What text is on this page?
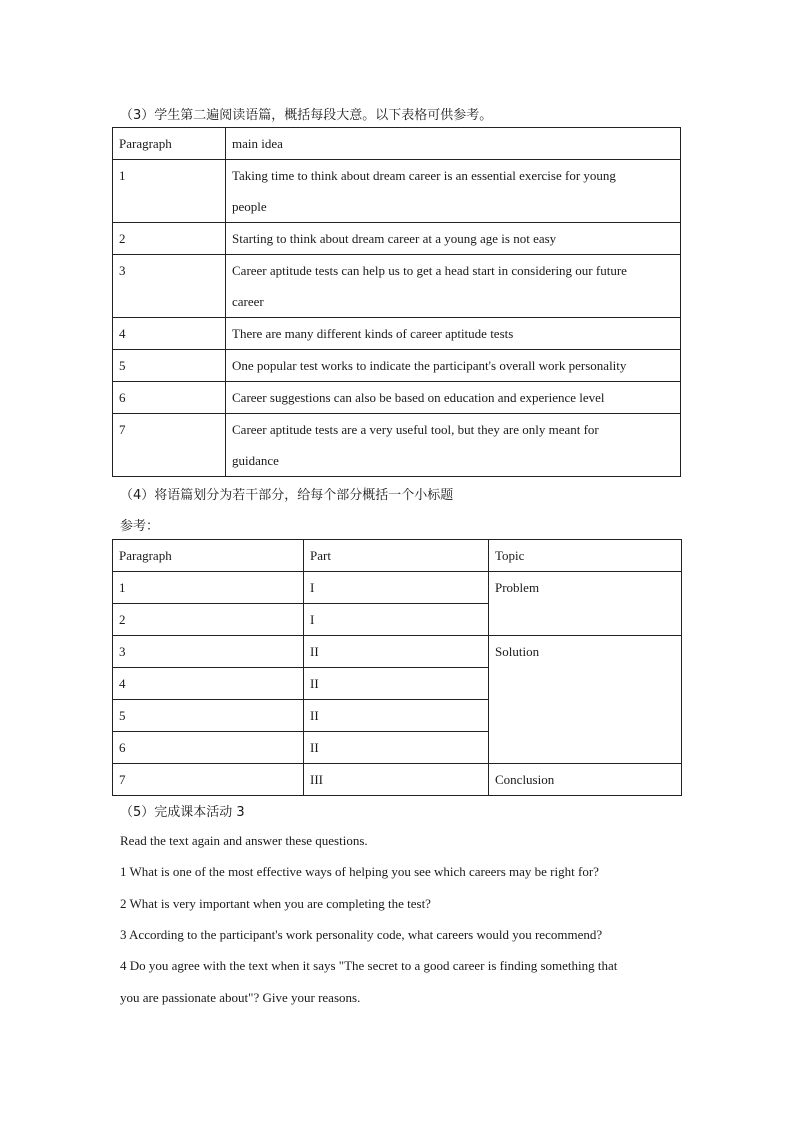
（3）学生第二遍阅读语篇，概括每段大意。以下表格可供参考。
Paragraph	main idea
1	Taking time to think about dream career is an essential exercise for young
people

2	Starting to think about dream career at a young age is not easy
3	Career aptitude tests can help us to get a head start in considering our future
career

4	There are many different kinds of career aptitude tests
5	One popular test works to indicate the participant's overall work personality
6	Career suggestions can also be based on education and experience level
7	Career aptitude tests are a very useful tool, but they are only meant for
guidance
（4）将语篇划分为若干部分，给每个部分概括一个小标题
参考：
Paragraph	Part	Topic
1	I	Problem
2	I	
3	II	Solution
4	II	
5	II	
6	II	
7	III	Conclusion
（5）完成课本活动 3
Read the text again and answer these questions.
1 What is one of the most effective ways of helping you see which careers may be right for?
2 What is very important when you are completing the test?
3 According to the participant's work personality code, what careers would you recommend?
4 Do you agree with the text when it says "The secret to a good career is finding something that
you are passionate about"? Give your reasons.
